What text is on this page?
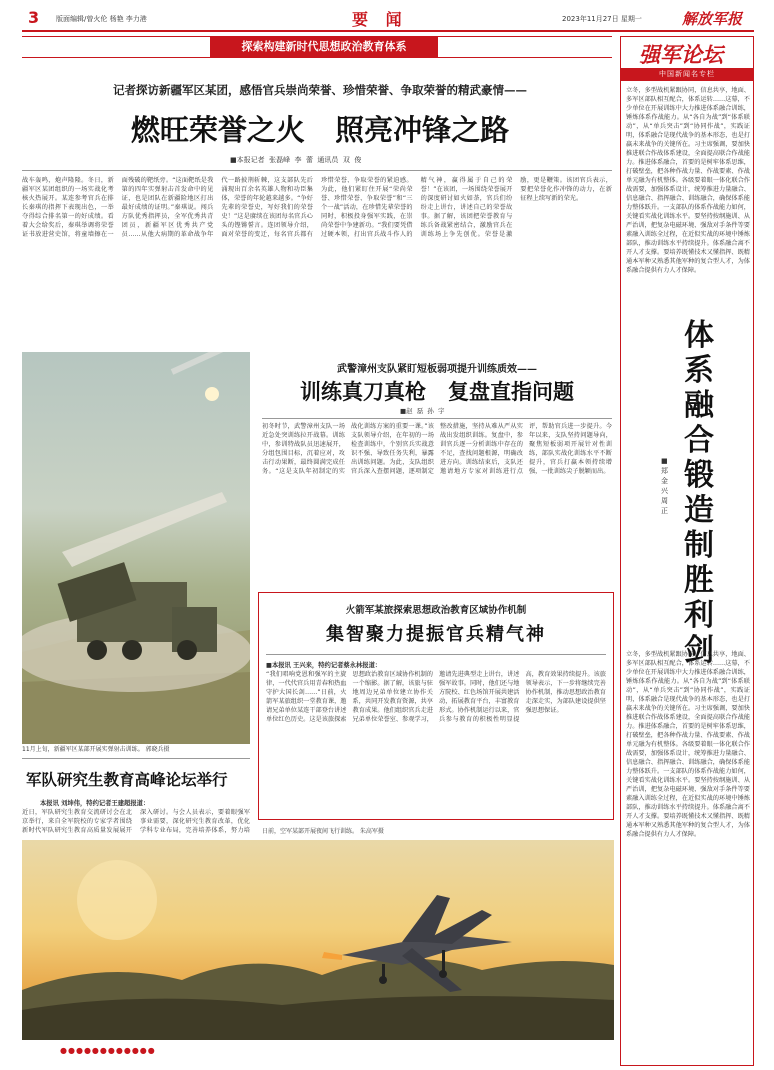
3 版面编辑/曾火伦 杨艳 李力港	要 闻	2023年11月27日 星期一	解放军报
探索构建新时代思想政治教育体系
记者探访新疆军区某团，感悟官兵崇尚荣誉、珍惜荣誉、争取荣誉的精武豪情——
燃旺荣誉之火   照亮冲锋之路
■本报记者  张磊峰  李  蕾  通讯员  双  俊
战车轰鸣，炮声隆隆。冬日，新疆军区某团组织的一场实战化考核火热展开。某连参考官兵在排长秦琪的指挥下表现出色，一举夺得综合排名第一的好成绩。看着大会给奖后，秦琪举调将荣誉证书放进营史馆，将童墙擦在一面残破的靶纸旁。“这面靶纸是我第的四年实弹射击首发命中的见证，也是团队在新疆险地区打出最好成绩的证明。”秦琪说。闯兵方队优秀指挥员，全军优秀共青团员，新疆军区优秀共产党员……从他大病期的革命战争年代一路披荆斩棘，这支部队先后涌现出百余名英雄人物和功臣集体，荣誉的年轮越来越多。“争好先辈的荣誉史，写好我们的荣誉史！”这是赓续在该团每名官兵心头的铿锵誓言。连团领导介绍，面对荣誉的变迁，每名官兵都有珍惜荣誉、争取荣誉的紧迫感。为此，他们紧盯住开展“荣尚荣誉、珍惜荣誉、争取荣誉”和“三个一战”活动，在珍惜先辈荣誉的同时，积极投身强军实践，在崇尚荣誉中争建新功。“我们要凭借过硬本领，打出官兵战斗作人的精气神，赢得属于自己的荣誉！”在该团，一场围绕荣誉展开的深度研讨如火如荼，官兵们纷纷走上讲台，讲述自己的荣誉故事。据了解，该团把荣誉教育与练兵备战紧密结合，激励官兵在训练场上争先创优。荣誉是激励，更是鞭策。该团官兵表示，要把荣誉化作冲锋的动力，在新征程上续写新的荣光。
强军论坛
中国新闻名专栏
立冬，多型战机紧跟协同，信息共享，地面、多军区部队相互配合，体系运转……这幕，不少单位在开展训练中大力推进体系融合训练，锤炼体系作战能力。从“各自为战”到“体系联动”，从“单兵突击”到“协同作战”，实践证明，体系融合是现代战争的基本形态，也是打赢未来战争的关键所在。习主席强调，要加快推进联合作战体系建设，全面提高联合作战能力。推进体系融合，首要的是树牢体系思维，打破壁垒，把各种作战力量、作战要素、作战单元融为有机整体。各级要着眼一体化联合作战需要，加强体系设计，统筹推进力量融合、信息融合、指挥融合、训练融合，确保体系能力整体跃升。一支部队的体系作战能力如何，关键看实战化训练水平。要坚持按纲施训、从严治训，把复杂电磁环境、强敌对手条件等要素融入训练全过程，在近似实战的环境中锤炼部队，推动训练水平持续提升。体系融合离不开人才支撑。要培养既懂技术又懂指挥、既精通本军种又熟悉其他军种的复合型人才，为体系融合提供有力人才保障。
体系融合锻造制胜利剑
■郑金兴 周 正
立冬，多型战机紧跟协同，信息共享，地面、多军区部队相互配合，体系运转……这幕，不少单位在开展训练中大力推进体系融合训练，锤炼体系作战能力。从“各自为战”到“体系联动”，从“单兵突击”到“协同作战”，实践证明，体系融合是现代战争的基本形态，也是打赢未来战争的关键所在。习主席强调，要加快推进联合作战体系建设，全面提高联合作战能力。推进体系融合，首要的是树牢体系思维，打破壁垒，把各种作战力量、作战要素、作战单元融为有机整体。各级要着眼一体化联合作战需要，加强体系设计，统筹推进力量融合、信息融合、指挥融合、训练融合，确保体系能力整体跃升。一支部队的体系作战能力如何，关键看实战化训练水平。要坚持按纲施训、从严治训，把复杂电磁环境、强敌对手条件等要素融入训练全过程，在近似实战的环境中锤炼部队，推动训练水平持续提升。体系融合离不开人才支撑。要培养既懂技术又懂指挥、既精通本军种又熟悉其他军种的复合型人才，为体系融合提供有力人才保障。
11月上旬，新疆军区某部开展实弹射击训练。 郭晓兵摄
武警漳州支队紧盯短板弱项提升训练质效——
训练真刀真枪   复盘直指问题
■赵  磊  孙  宇
初冬时节，武警漳州支队一场近急处突训练拉开战幕。训练中，参训特战队员迅速展开，分组包围目标，沉着应对，攻击行动果断，最终圆满完成任务。“这是支队年初制定的实战化训练方案的重要一课。”该支队领导介绍，在年初的一场检查训练中，个别官兵实战意识不强、导致任务失利，暴露出训练问题。为此，支队组织官兵深入查摆问题，逐项制定整改措施，坚持从难从严从实战出发组织训练。复盘中，参训官兵逐一分析训练中存在的不足，查找问题根源，明确改进方向。训练结束后，支队还邀请地方专家对训练进行点评，帮助官兵进一步提升。今年以来，支队坚持问题导向，聚焦短板弱项开展针对性训练，部队实战化训练水平不断提升，官兵打赢本领持续增强，一批训练尖子脱颖而出。
火箭军某旅探索思想政治教育区域协作机制
集智聚力提振官兵精气神
■本报讯 王兴来，特约记者蔡永林报道：
“我们唱响党恩和强军的主旋律，一代代官兵用青春和热血守护大国长剑……”日前，火箭军某旅组织一堂教育课，邀请兄弟单位某连干部登台讲述单位红色历史。这是该旅探索思想政治教育区域协作机制的一个缩影。据了解，该旅与驻地周边兄弟单位建立协作关系，共同开发教育资源，共享教育成果。他们组织官兵走进兄弟单位荣誉室、参观学习，邀请先进典型走上讲台，讲述强军故事。同时，他们还与地方院校、红色场馆开展共建活动，拓展教育平台，丰富教育形式。协作机制运行以来，官兵参与教育的积极性明显提高，教育效果持续提升。该旅领导表示，下一步将继续完善协作机制，推动思想政治教育走深走实，为部队建设提供坚强思想保证。
军队研究生教育高峰论坛举行
本报讯 刘坤伟，特约记者王建超报道：
近日，军队研究生教育交流研讨会在北京举行，来自全军院校的专家学者围绕新时代军队研究生教育高质量发展展开深入研讨。与会人员表示，要着眼强军事业需要，深化研究生教育改革，优化学科专业布局，完善培养体系，努力培 日前，空军某部开展夜间飞行训练。 朱高军摄
●●●●●●●●●●●●
